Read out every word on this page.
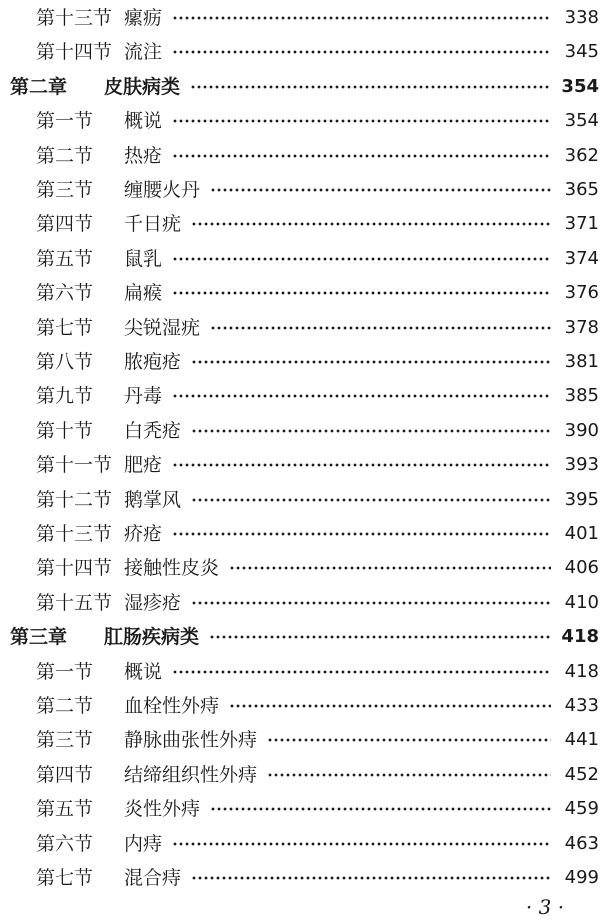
第十三节 瘰疬	338
第十四节 流注	345
第二章	皮肤病类	354
第一节	概说	354
第二节	热疮	362
第三节	缠腰火丹	365
第四节	千日疣	371
第五节	鼠乳	374
第六节	扁瘊	376
第七节	尖锐湿疣	378
第八节	脓疱疮	381
第九节	丹毒	385
第十节	白秃疮	390
第十一节 肥疮	393
第十二节 鹅掌风	395
第十三节 疥疮	401
第十四节 接触性皮炎	406
第十五节 湿疹疮	410
第三章	肛肠疾病类	418
第一节	概说	418
第二节	血栓性外痔	433
第三节	静脉曲张性外痔	441
第四节	结缔组织性外痔	452
第五节	炎性外痔	459
第六节	内痔	463
第七节	混合痔	499
· 3 ·
